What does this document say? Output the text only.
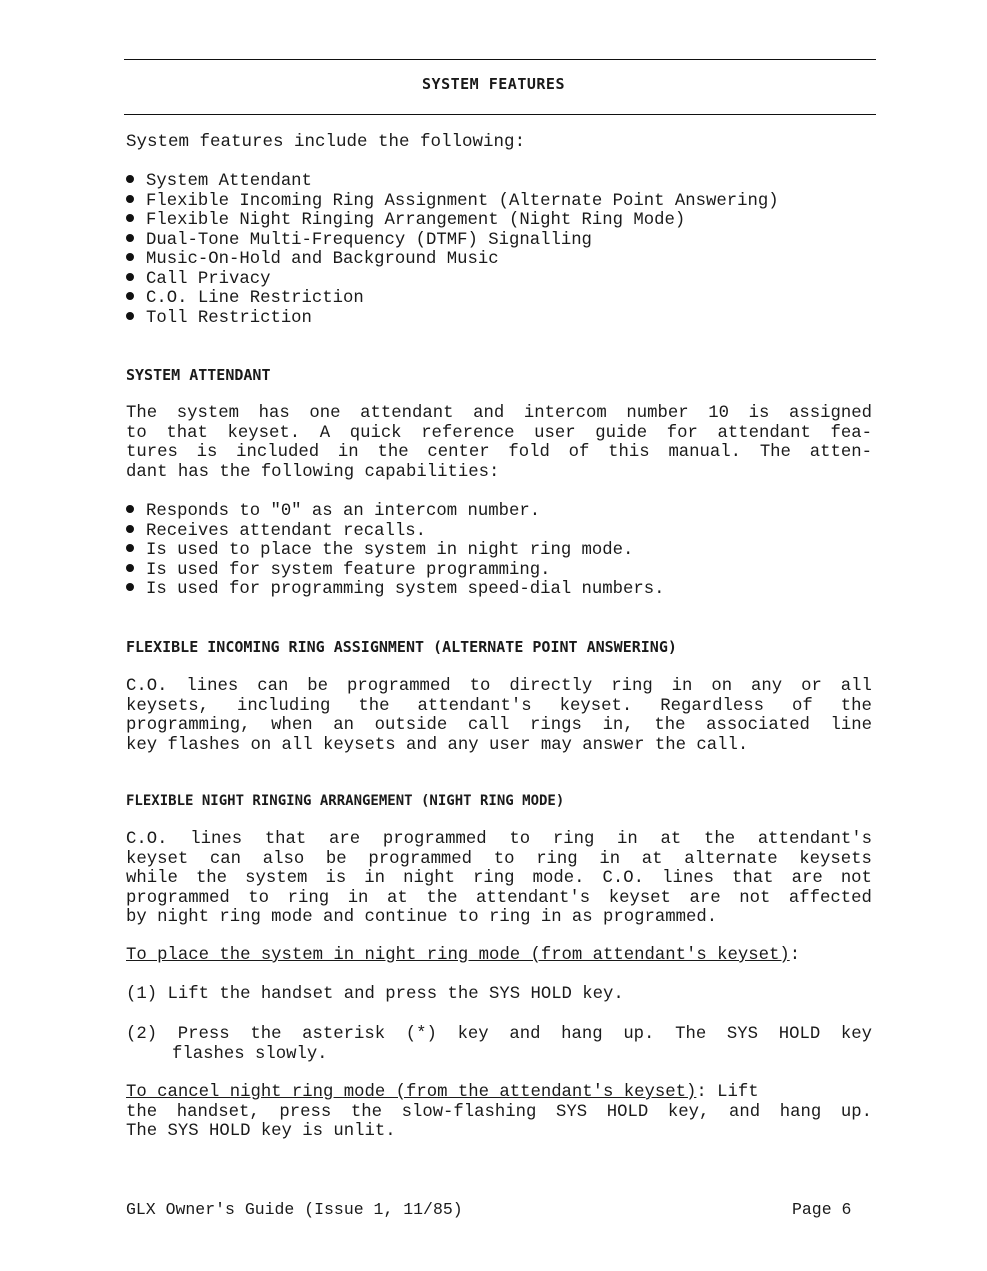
SYSTEM FEATURES
System features include the following:
System Attendant
Flexible Incoming Ring Assignment (Alternate Point Answering)
Flexible Night Ringing Arrangement (Night Ring Mode)
Dual-Tone Multi-Frequency (DTMF) Signalling
Music-On-Hold and Background Music
Call Privacy
C.O. Line Restriction
Toll Restriction
SYSTEM ATTENDANT
The system has one attendant and intercom number 10 is assigned
to that keyset. A quick reference user guide for attendant fea-
tures is included in the center fold of this manual. The atten-
dant has the following capabilities:
Responds to "0" as an intercom number.
Receives attendant recalls.
Is used to place the system in night ring mode.
Is used for system feature programming.
Is used for programming system speed-dial numbers.
FLEXIBLE INCOMING RING ASSIGNMENT (ALTERNATE POINT ANSWERING)
C.O. lines can be programmed to directly ring in on any or all
keysets, including the attendant's keyset. Regardless of the
programming, when an outside call rings in, the associated line
key flashes on all keysets and any user may answer the call.
FLEXIBLE NIGHT RINGING ARRANGEMENT (NIGHT RING MODE)
C.O. lines that are programmed to ring in at the attendant's
keyset can also be programmed to ring in at alternate keysets
while the system is in night ring mode. C.O. lines that are not
programmed to ring in at the attendant's keyset are not affected
by night ring mode and continue to ring in as programmed.
To place the system in night ring mode (from attendant's keyset):
(1) Lift the handset and press the SYS HOLD key.
(2) Press the asterisk (*) key and hang up. The SYS HOLD key
flashes slowly.
To cancel night ring mode (from the attendant's keyset): Lift
the handset, press the slow-flashing SYS HOLD key, and hang up.
The SYS HOLD key is unlit.
GLX Owner's Guide (Issue 1, 11/85)	Page 6
